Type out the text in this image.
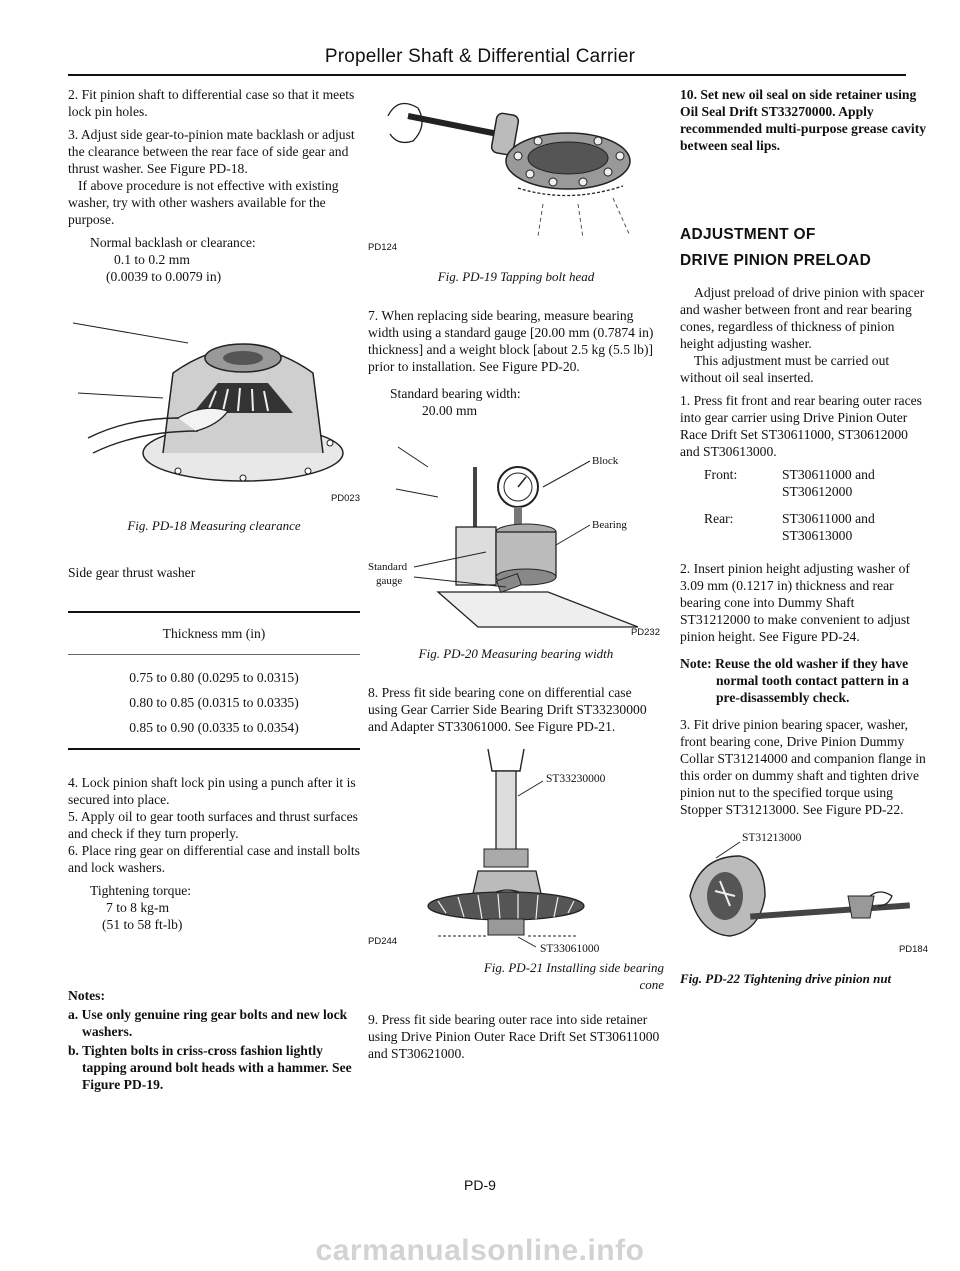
Propeller Shaft & Differential Carrier

2. Fit pinion shaft to differential case so that it meets lock pin holes.

3. Adjust side gear-to-pinion mate backlash or adjust the clearance between the rear face of side gear and thrust washer. See Figure PD-18.

If above procedure is not effective with existing washer, try with other washers available for the purpose.

Normal backlash or clearance:

0.1 to 0.2 mm

(0.0039 to 0.0079 in)

PD023

Fig. PD-18 Measuring clearance

Side gear thrust washer

Thickness mm (in)

0.75 to 0.80 (0.0295 to 0.0315)

0.80 to 0.85 (0.0315 to 0.0335)

0.85 to 0.90 (0.0335 to 0.0354)

4. Lock pinion shaft lock pin using a punch after it is secured into place.

5. Apply oil to gear tooth surfaces and thrust surfaces and check if they turn properly.

6. Place ring gear on differential case and install bolts and lock washers.

Tightening torque:

7 to 8 kg-m

(51 to 58 ft-lb)

Notes:

a. Use only genuine ring gear bolts and new lock washers.

b. Tighten bolts in criss-cross fashion lightly tapping around bolt heads with a hammer. See Figure PD-19.

PD124

Fig. PD-19 Tapping bolt head

7. When replacing side bearing, measure bearing width using a standard gauge [20.00 mm (0.7874 in) thickness] and a weight block [about 2.5 kg (5.5 lb)] prior to installation. See Figure PD-20.

Standard bearing width:

20.00 mm

Block
Bearing
Standard
gauge
PD232

Fig. PD-20 Measuring bearing width

8. Press fit side bearing cone on differential case using Gear Carrier Side Bearing Drift ST33230000 and Adapter ST33061000. See Figure PD-21.

ST33230000
ST33061000
PD244

Fig. PD-21 Installing side bearing

cone

9. Press fit side bearing outer race into side retainer using Drive Pinion Outer Race Drift Set ST30611000 and ST30621000.

10. Set new oil seal on side retainer using Oil Seal Drift ST33270000. Apply recommended multi-purpose grease cavity between seal lips.

ADJUSTMENT OF
DRIVE PINION PRELOAD

Adjust preload of drive pinion with spacer and washer between front and rear bearing cones, regardless of thickness of pinion height adjusting washer.

This adjustment must be carried out without oil seal inserted.

1. Press fit front and rear bearing outer races into gear carrier using Drive Pinion Outer Race Drift Set ST30611000, ST30612000 and ST30613000.

Front:	ST30611000 and
ST30612000
Rear:	ST30611000 and
ST30613000

2. Insert pinion height adjusting washer of 3.09 mm (0.1217 in) thickness and rear bearing cone into Dummy Shaft ST31212000 to make convenient to adjust pinion height. See Figure PD-24.

Note: Reuse the old washer if they have normal tooth contact pattern in a pre-disassembly check.

3. Fit drive pinion bearing spacer, washer, front bearing cone, Drive Pinion Dummy Collar ST31214000 and companion flange in this order on dummy shaft and tighten drive pinion nut to the specified torque using Stopper ST31213000. See Figure PD-22.

ST31213000
PD184

Fig. PD-22 Tightening drive pinion nut

PD-9
carmanualsonline.info
